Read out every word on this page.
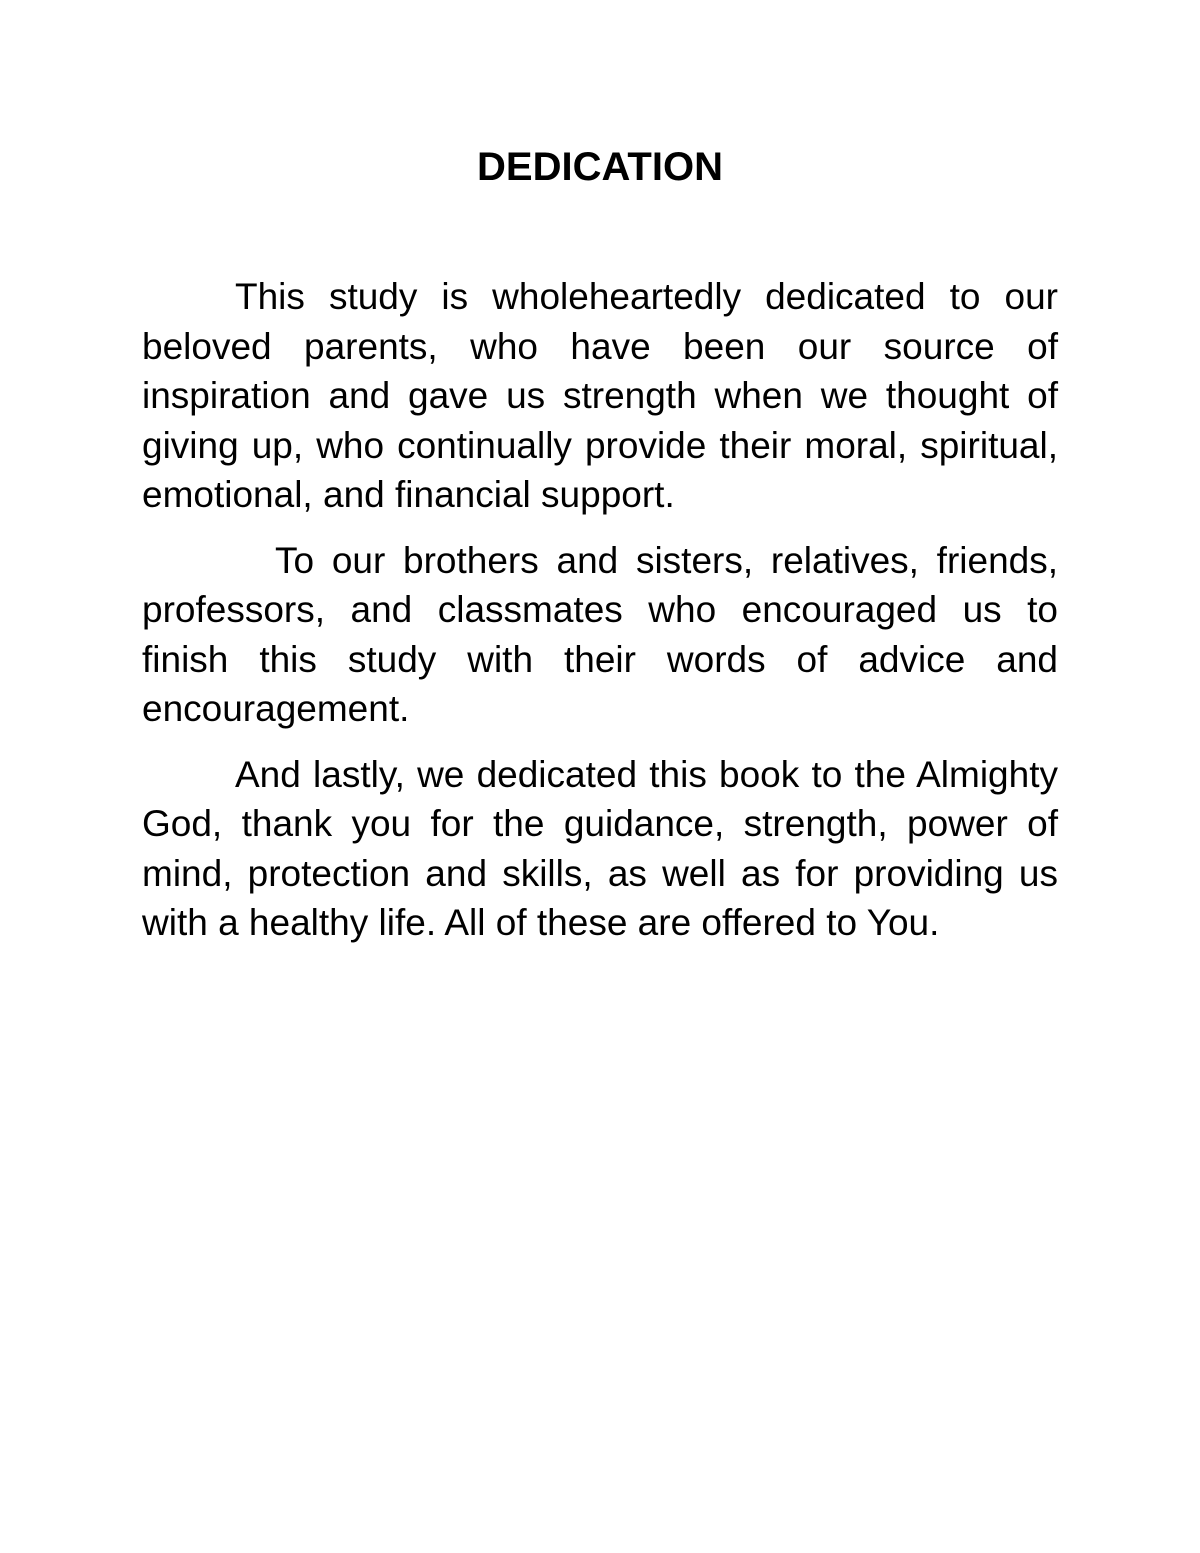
DEDICATION

This study is wholeheartedly dedicated to our beloved parents, who have been our source of inspiration and gave us strength when we thought of giving up, who continually provide their moral, spiritual, emotional, and financial support.

To our brothers and sisters, relatives, friends, professors, and classmates who encouraged us to finish this study with their words of advice and encouragement.

And lastly, we dedicated this book to the Almighty God, thank you for the guidance, strength, power of mind, protection and skills, as well as for providing us with a healthy life. All of these are offered to You.
